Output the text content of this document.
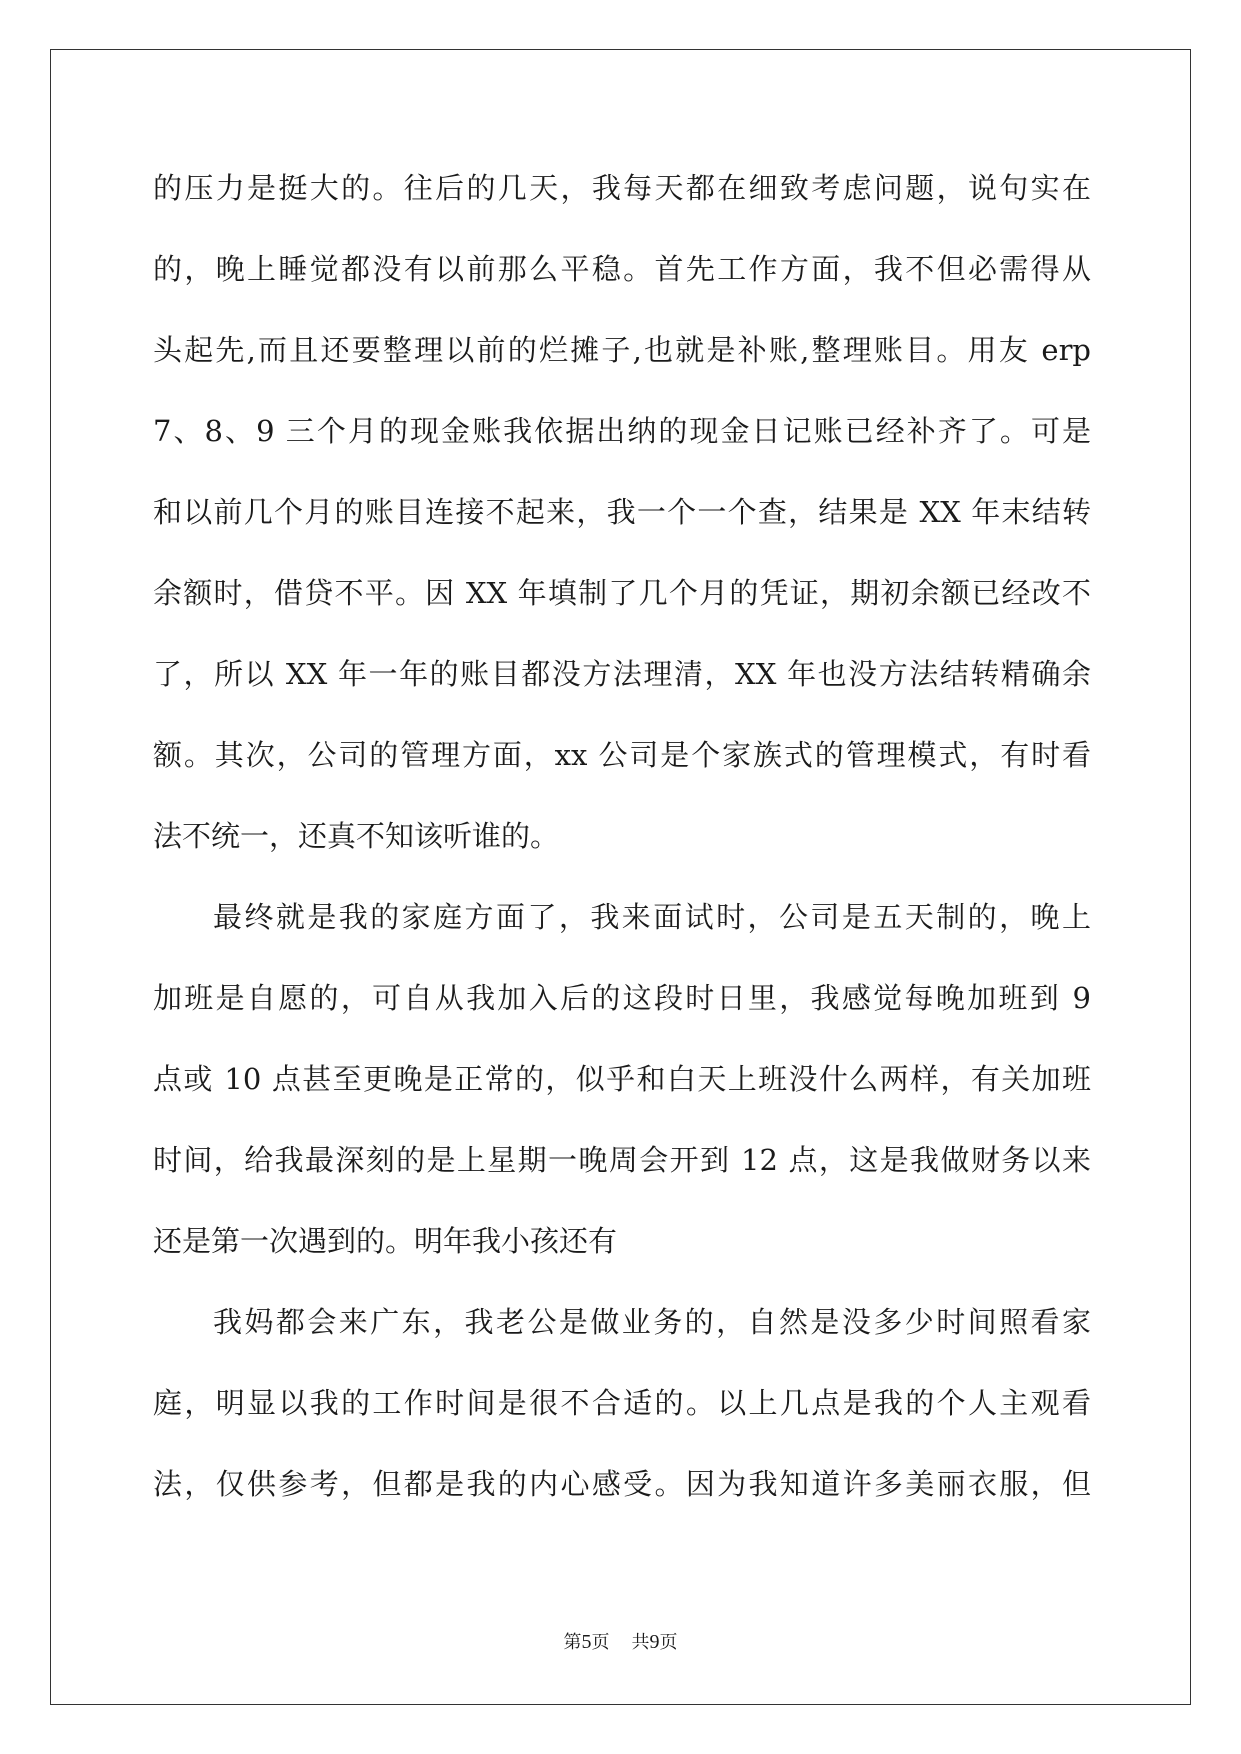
的压力是挺大的。往后的几天，我每天都在细致考虑问题，说句实在
的，晚上睡觉都没有以前那么平稳。首先工作方面，我不但必需得从
头起先,而且还要整理以前的烂摊子,也就是补账,整理账目。用友 erp
7、8、9 三个月的现金账我依据出纳的现金日记账已经补齐了。可是
和以前几个月的账目连接不起来，我一个一个查，结果是 XX 年末结转
余额时，借贷不平。因 XX 年填制了几个月的凭证，期初余额已经改不
了，所以 XX 年一年的账目都没方法理清，XX 年也没方法结转精确余
额。其次，公司的管理方面，xx 公司是个家族式的管理模式，有时看
法不统一，还真不知该听谁的。
最终就是我的家庭方面了，我来面试时，公司是五天制的，晚上
加班是自愿的，可自从我加入后的这段时日里，我感觉每晚加班到 9
点或 10 点甚至更晚是正常的，似乎和白天上班没什么两样，有关加班
时间，给我最深刻的是上星期一晚周会开到 12 点，这是我做财务以来
还是第一次遇到的。明年我小孩还有
我妈都会来广东，我老公是做业务的，自然是没多少时间照看家
庭，明显以我的工作时间是很不合适的。以上几点是我的个人主观看
法，仅供参考，但都是我的内心感受。因为我知道许多美丽衣服，但
第5页 共9页
